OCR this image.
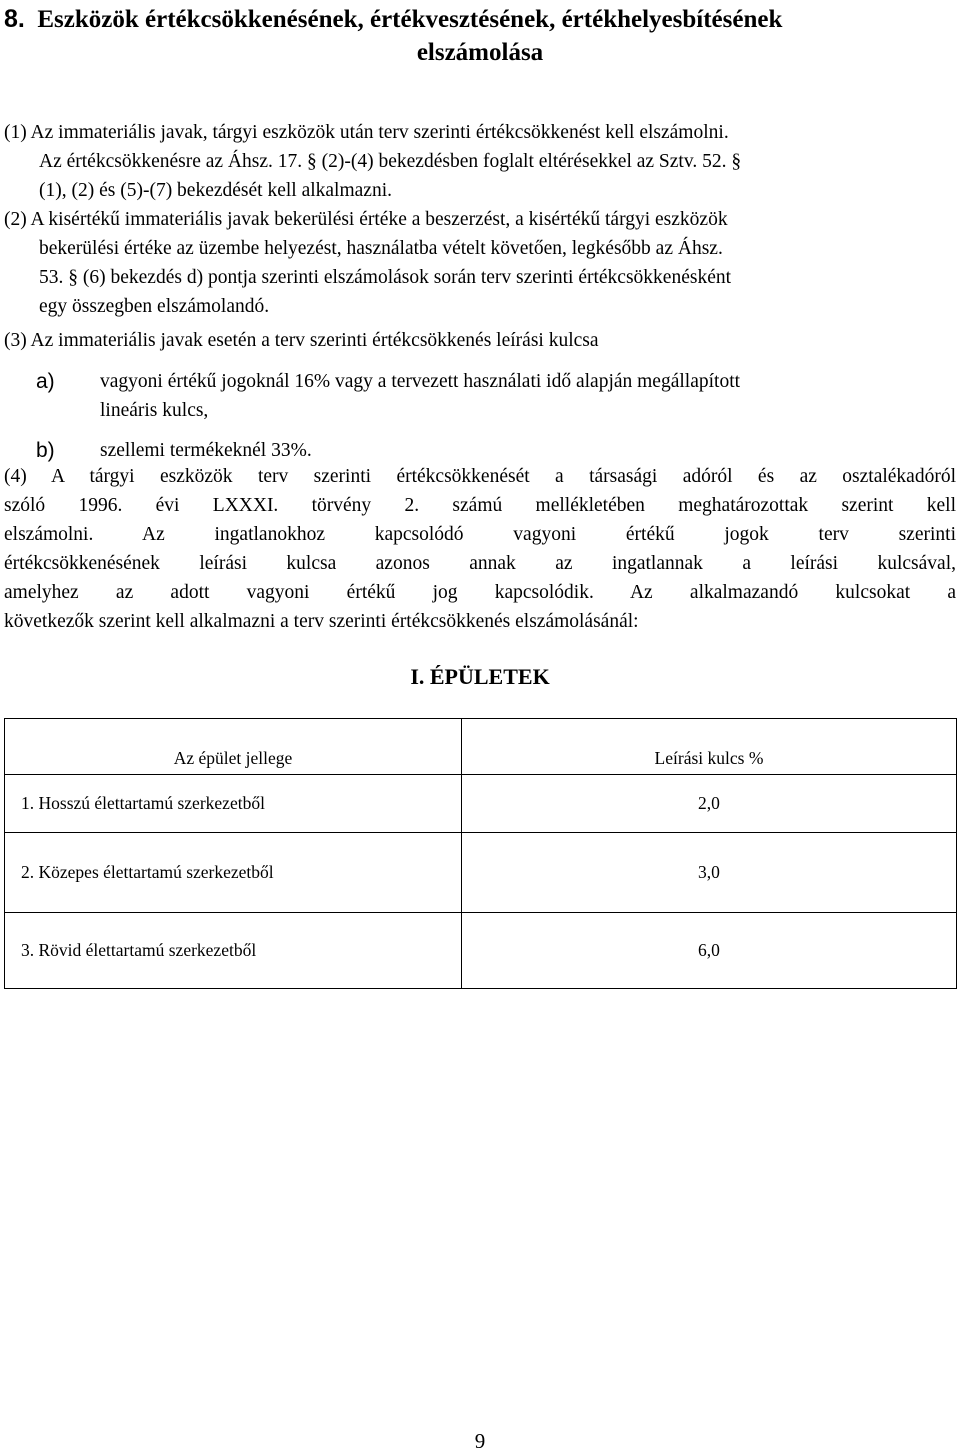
8. Eszközök értékcsökkenésének, értékvesztésének, értékhelyesbítésének
elszámolása
(1) Az immateriális javak, tárgyi eszközök után terv szerinti értékcsökkenést kell elszámolni.
Az értékcsökkenésre az Áhsz. 17. § (2)-(4) bekezdésben foglalt eltérésekkel az Sztv. 52. §
(1), (2) és (5)-(7) bekezdését kell alkalmazni.
(2) A kisértékű immateriális javak bekerülési értéke a beszerzést, a kisértékű tárgyi eszközök
bekerülési értéke az üzembe helyezést, használatba vételt követően, legkésőbb az Áhsz.
53. § (6) bekezdés d) pontja szerinti elszámolások során terv szerinti értékcsökkenésként
egy összegben elszámolandó.
(3) Az immateriális javak esetén a terv szerinti értékcsökkenés leírási kulcsa
a) vagyoni értékű jogoknál 16% vagy a tervezett használati idő alapján megállapított
lineáris kulcs,
b) szellemi termékeknél 33%.
(4) A tárgyi eszközök terv szerinti értékcsökkenését a társasági adóról és az osztalékadóról
szóló 1996. évi LXXXI. törvény 2. számú mellékletében meghatározottak szerint kell
elszámolni. Az ingatlanokhoz kapcsolódó vagyoni értékű jogok terv szerinti
értékcsökkenésének leírási kulcsa azonos annak az ingatlannak a leírási kulcsával,
amelyhez az adott vagyoni értékű jog kapcsolódik. Az alkalmazandó kulcsokat a
következők szerint kell alkalmazni a terv szerinti értékcsökkenés elszámolásánál:
I. ÉPÜLETEK
Az épület jellege	Leírási kulcs %
1. Hosszú élettartamú szerkezetből	2,0
2. Közepes élettartamú szerkezetből	3,0
3. Rövid élettartamú szerkezetből	6,0
9
